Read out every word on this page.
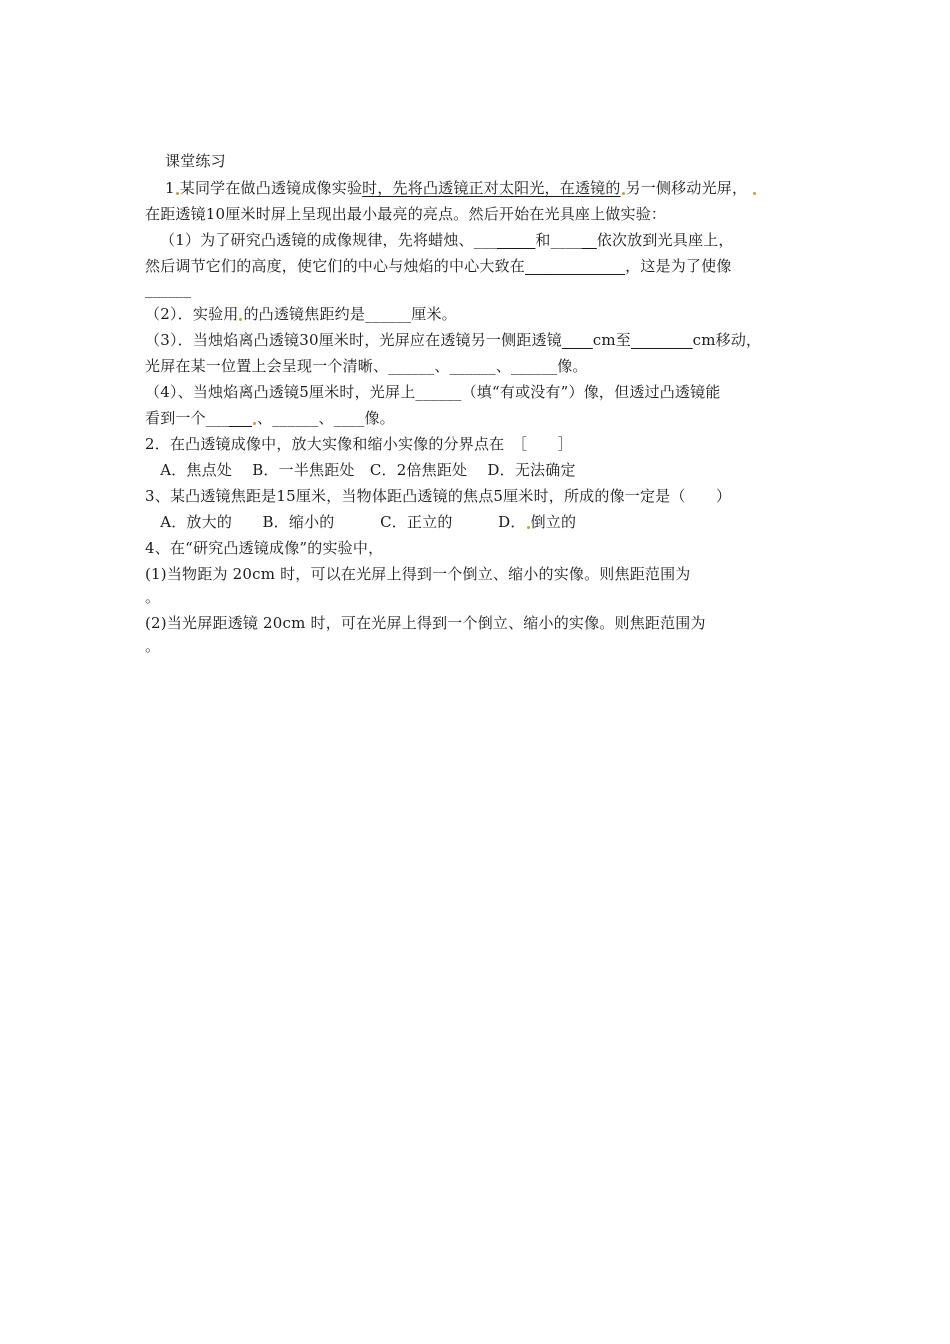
课堂练习
1 某同学在做凸透镜成像实验时，先将凸透镜正对太阳光，在透镜的 另一侧移动光屏，
在距透镜10厘米时屏上呈现出最小最亮的亮点。然后开始在光具座上做实验：
（1）为了研究凸透镜的成像规律，先将蜡烛、________和______依次放到光具座上，
然后调节它们的高度，使它们的中心与烛焰的中心大致在_____________，这是为了使像
______
（2）．实验用 的凸透镜焦距约是______厘米。
（3）．当烛焰离凸透镜30厘米时，光屏应在透镜另一侧距透镜____cm至________cm移动，
光屏在某一位置上会呈现一个清晰、______、______、______像。
（4）、当烛焰离凸透镜5厘米时，光屏上______（填“有或没有”）像，但透过凸透镜能
看到一个______ 、______、____像。
2．在凸透镜成像中，放大实像和缩小实像的分界点在　［　　］
　A．焦点处　 B．一半焦距处　C．2倍焦距处　 D．无法确定
3、某凸透镜焦距是15厘米，当物体距凸透镜的焦点5厘米时，所成的像一定是（　　）
　A．放大的　　B．缩小的　　　C．正立的　　　D． 倒立的
4、在“研究凸透镜成像”的实验中，
(1)当物距为 20cm 时，可以在光屏上得到一个倒立、缩小的实像。则焦距范围为
。
(2)当光屏距透镜 20cm 时，可在光屏上得到一个倒立、缩小的实像。则焦距范围为
。
